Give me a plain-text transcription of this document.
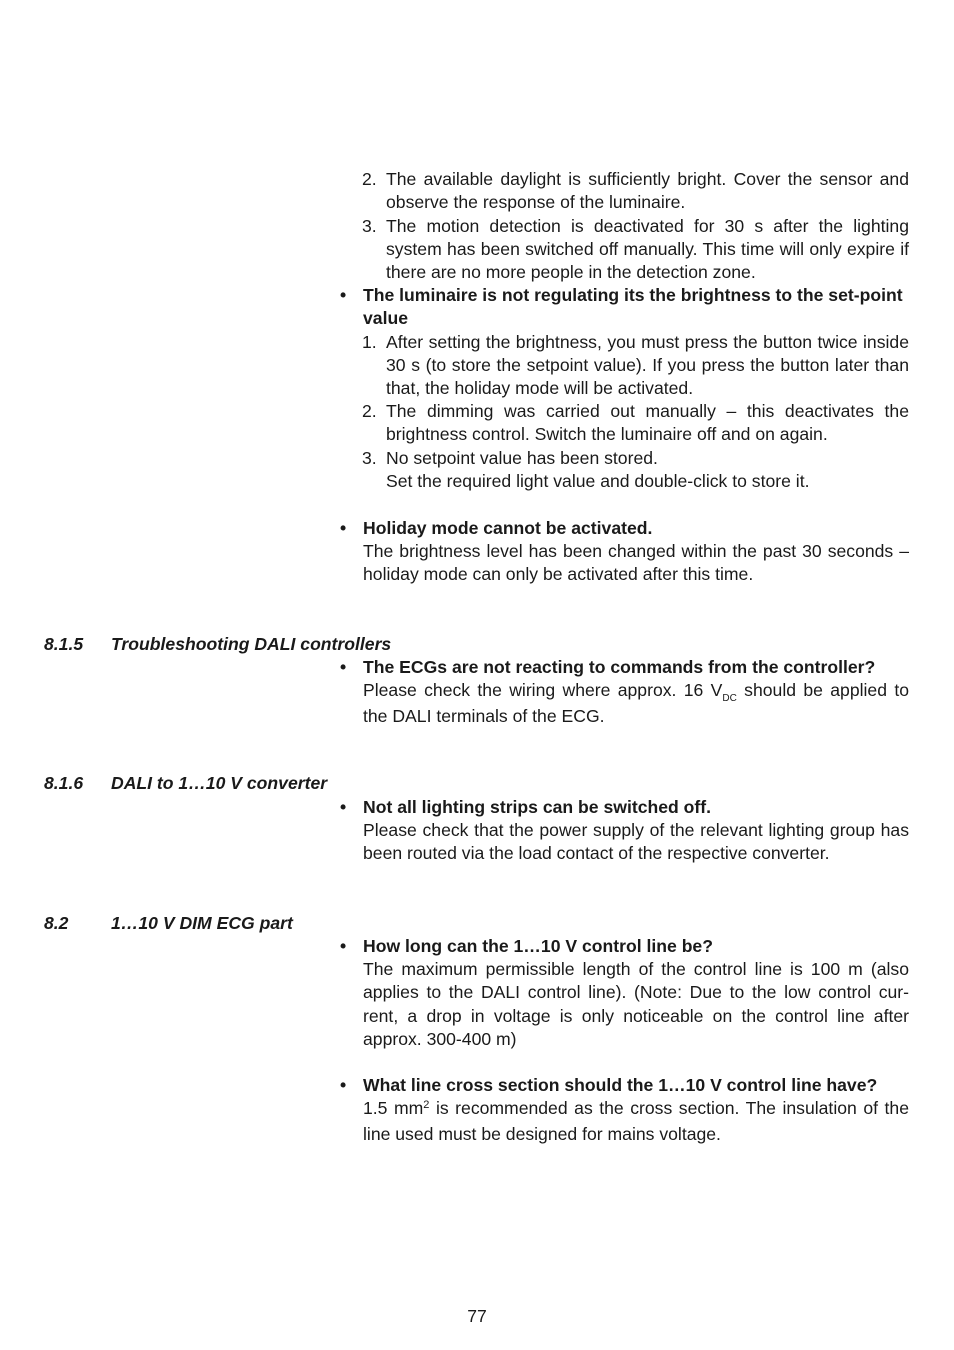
2. The available daylight is sufficiently bright. Cover the sensor and observe the response of the luminaire.
3. The motion detection is deactivated for 30 s after the lighting system has been switched off manually. This time will only expire if there are no more people in the detection zone.
• The luminaire is not regulating its the brightness to the set-point value
1. After setting the brightness, you must press the button twice inside 30 s (to store the setpoint value). If you press the button later than that, the holiday mode will be activated.
2. The dimming was carried out manually – this deactivates the brightness control. Switch the luminaire off and on again.
3. No setpoint value has been stored.
Set the required light value and double-click to store it.
• Holiday mode cannot be activated.
The brightness level has been changed within the past 30 seconds – holiday mode can only be activated after this time.
8.1.5 Troubleshooting DALI controllers
• The ECGs are not reacting to commands from the controller?
Please check the wiring where approx. 16 $V_{DC}$ should be applied to the DALI terminals of the ECG.
8.1.6 DALI to 1…10 V converter
• Not all lighting strips can be switched off.
Please check that the power supply of the relevant lighting group has been routed via the load contact of the respective converter.
8.2 1…10 V DIM ECG part
• How long can the 1…10 V control line be?
The maximum permissible length of the control line is 100 m (also applies to the DALI control line). (Note: Due to the low control cur-rent, a drop in voltage is only noticeable on the control line after approx. 300-400 m)
• What line cross section should the 1…10 V control line have?
1.5 $mm^2$ is recommended as the cross section. The insulation of the line used must be designed for mains voltage.
77
